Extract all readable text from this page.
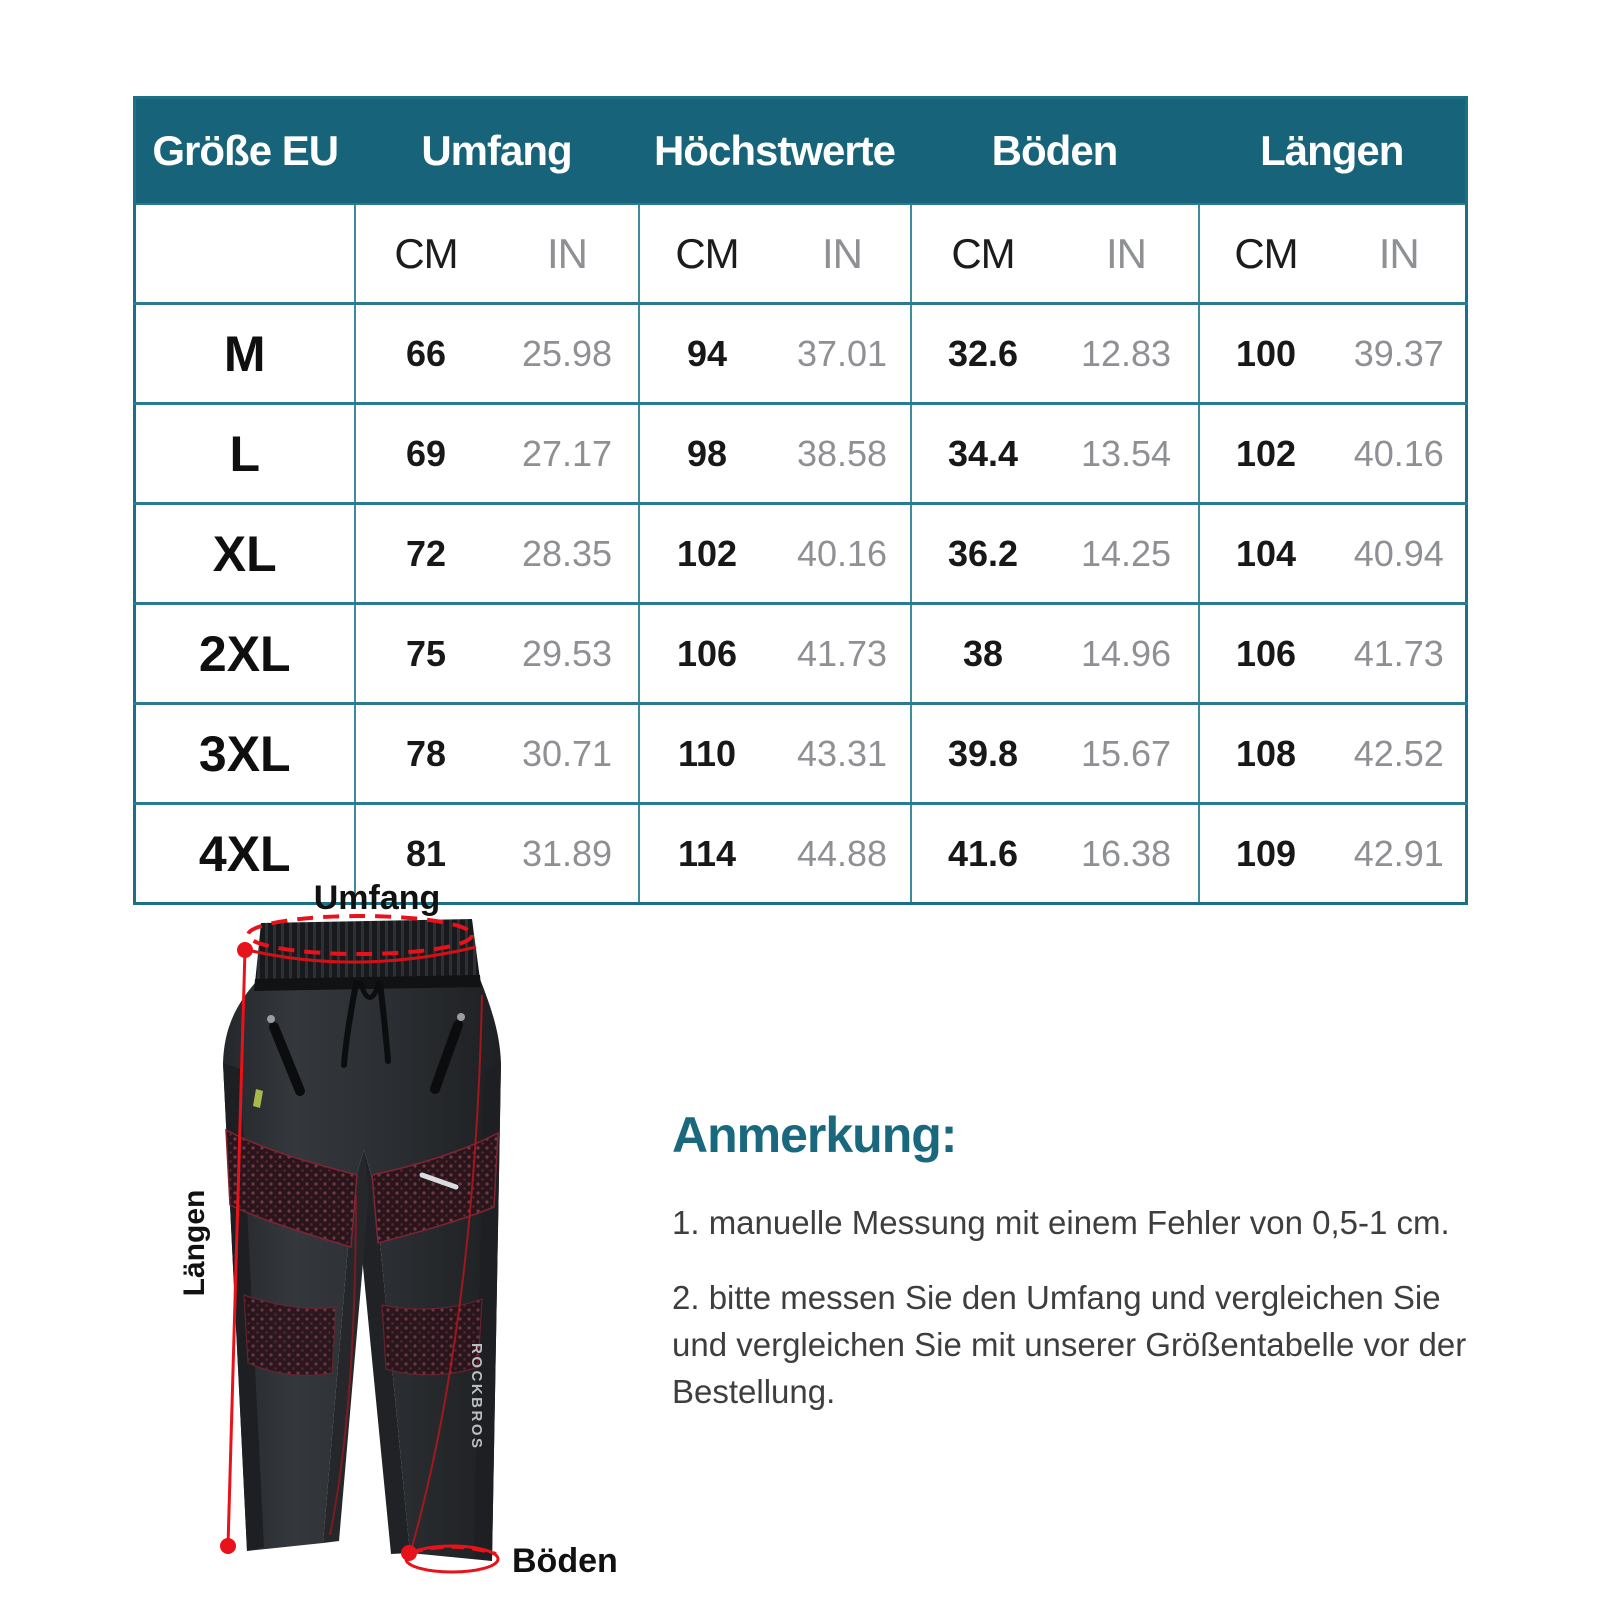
Größe EU	Umfang		Höchstwerte		Böden		Längen	
	CM	IN	CM	IN	CM	IN	CM	IN
M	66	25.98	94	37.01	32.6	12.83	100	39.37
L	69	27.17	98	38.58	34.4	13.54	102	40.16
XL	72	28.35	102	40.16	36.2	14.25	104	40.94
2XL	75	29.53	106	41.73	38	14.96	106	41.73
3XL	78	30.71	110	43.31	39.8	15.67	108	42.52
4XL	81	31.89	114	44.88	41.6	16.38	109	42.91
ROCKBROS
Umfang
Längen
Böden
Anmerkung:

1. manuelle Messung mit einem Fehler von 0,5-1 cm.

2. bitte messen Sie den Umfang und vergleichen Sie und vergleichen Sie mit unserer Größentabelle vor der Bestellung.
